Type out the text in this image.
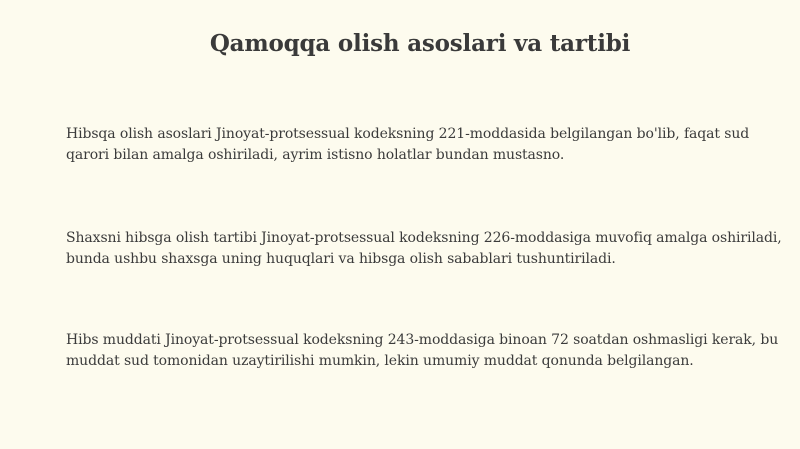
Qamoqqa olish asoslari va tartibi

Hibsqa olish asoslari Jinoyat-protsessual kodeksning 221-moddasida belgilangan bo'lib, faqat sud qarori bilan amalga oshiriladi, ayrim istisno holatlar bundan mustasno.

Shaxsni hibsga olish tartibi Jinoyat-protsessual kodeksning 226-moddasiga muvofiq amalga oshiriladi, bunda ushbu shaxsga uning huquqlari va hibsga olish sabablari tushuntiriladi.

Hibs muddati Jinoyat-protsessual kodeksning 243-moddasiga binoan 72 soatdan oshmasligi kerak, bu muddat sud tomonidan uzaytirilishi mumkin, lekin umumiy muddat qonunda belgilangan.
